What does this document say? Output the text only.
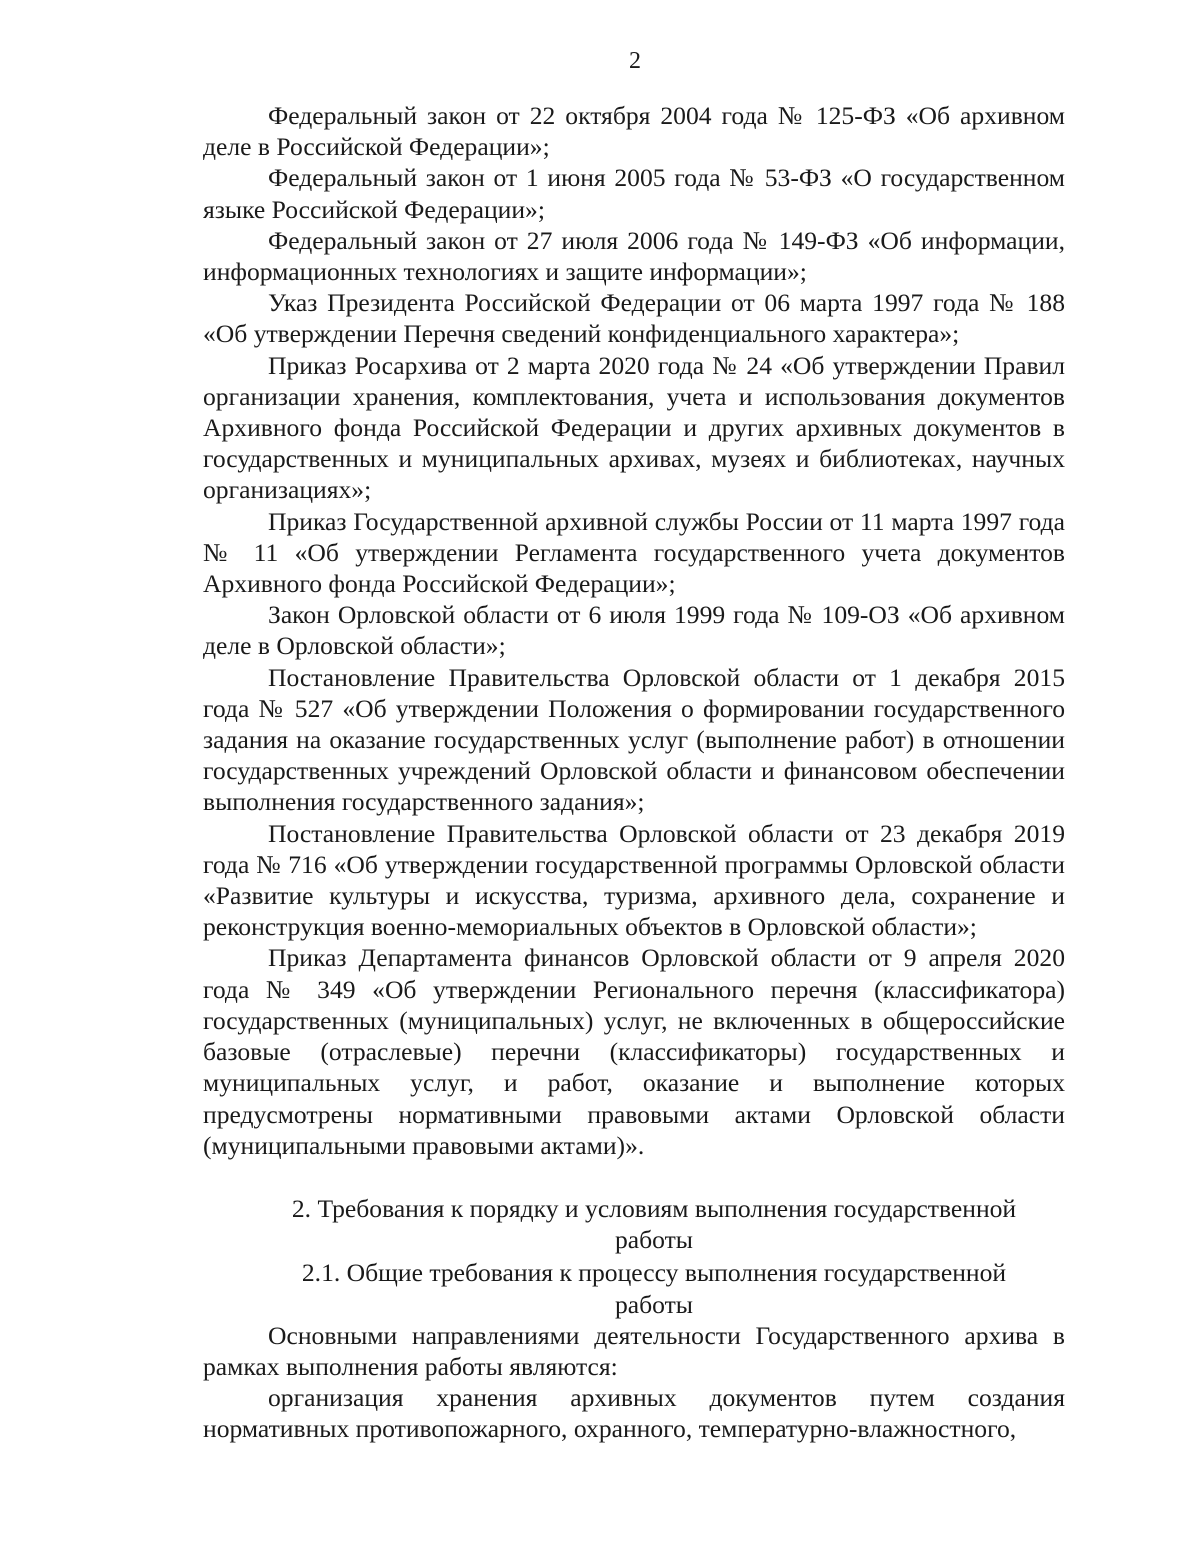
2

Федеральный закон от 22 октября 2004 года № 125-ФЗ «Об архивном деле в Российской Федерации»;

Федеральный закон от 1 июня 2005 года № 53-ФЗ «О государственном языке Российской Федерации»;

Федеральный закон от 27 июля 2006 года № 149-ФЗ «Об информации, информационных технологиях и защите информации»;

Указ Президента Российской Федерации от 06 марта 1997 года № 188 «Об утверждении Перечня сведений конфиденциального характера»;

Приказ Росархива от 2 марта 2020 года № 24 «Об утверждении Правил организации хранения, комплектования, учета и использования документов Архивного фонда Российской Федерации и других архивных документов в государственных и муниципальных архивах, музеях и библиотеках, научных организациях»;

Приказ Государственной архивной службы России от 11 марта 1997 года № 11 «Об утверждении Регламента государственного учета документов Архивного фонда Российской Федерации»;

Закон Орловской области от 6 июля 1999 года № 109-ОЗ «Об архивном деле в Орловской области»;

Постановление Правительства Орловской области от 1 декабря 2015 года № 527 «Об утверждении Положения о формировании государственного задания на оказание государственных услуг (выполнение работ) в отношении государственных учреждений Орловской области и финансовом обеспечении выполнения государственного задания»;

Постановление Правительства Орловской области от 23 декабря 2019 года № 716 «Об утверждении государственной программы Орловской области «Развитие культуры и искусства, туризма, архивного дела, сохранение и реконструкция военно-мемориальных объектов в Орловской области»;

Приказ Департамента финансов Орловской области от 9 апреля 2020 года № 349 «Об утверждении Регионального перечня (классификатора) государственных (муниципальных) услуг, не включенных в общероссийские базовые (отраслевые) перечни (классификаторы) государственных и муниципальных услуг, и работ, оказание и выполнение которых предусмотрены нормативными правовыми актами Орловской области (муниципальными правовыми актами)».

2. Требования к порядку и условиям выполнения государственной работы

2.1. Общие требования к процессу выполнения государственной работы

Основными направлениями деятельности Государственного архива в рамках выполнения работы являются:

организация хранения архивных документов путем создания нормативных противопожарного, охранного, температурно-влажностного,
